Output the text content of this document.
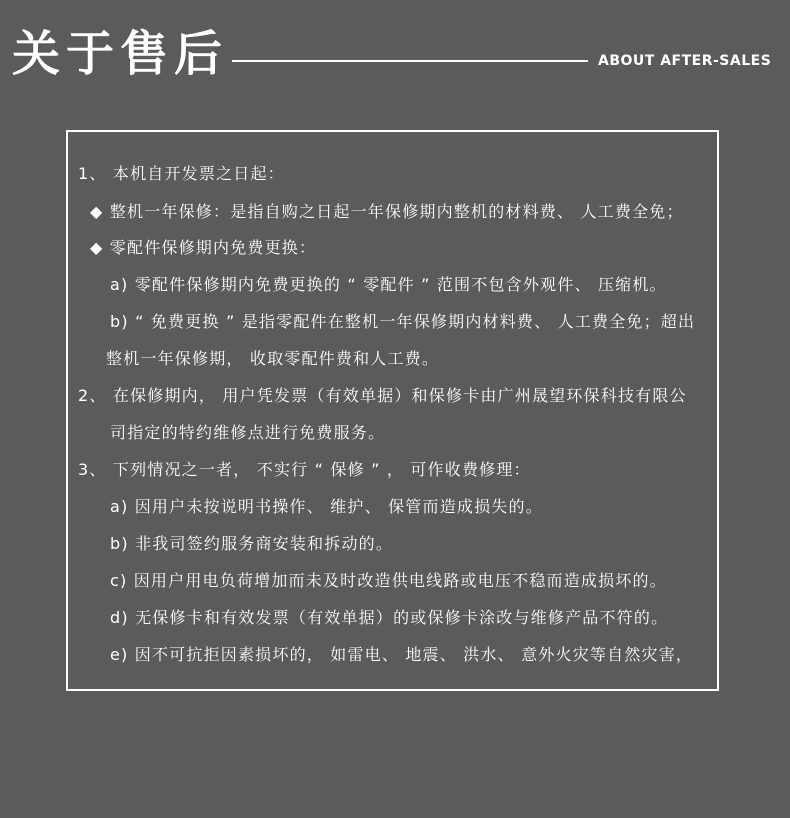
关于售后	ABOUT AFTER-SALES
1、 本机自开发票之日起：
◆ 整机一年保修：是指自购之日起一年保修期内整机的材料费、 人工费全免；
◆ 零配件保修期内免费更换：
a) 零配件保修期内免费更换的 “ 零配件 ” 范围不包含外观件、 压缩机。
b) “ 免费更换 ” 是指零配件在整机一年保修期内材料费、 人工费全免；超出
整机一年保修期， 收取零配件费和人工费。
2、 在保修期内， 用户凭发票（有效单据）和保修卡由广州晟望环保科技有限公
司指定的特约维修点进行免费服务。
3、 下列情况之一者， 不实行 “ 保修 ” ， 可作收费修理：
a) 因用户未按说明书操作、 维护、 保管而造成损失的。
b) 非我司签约服务商安装和拆动的。
c) 因用户用电负荷增加而未及时改造供电线路或电压不稳而造成损坏的。
d) 无保修卡和有效发票（有效单据）的或保修卡涂改与维修产品不符的。
e) 因不可抗拒因素损坏的， 如雷电、 地震、 洪水、 意外火灾等自然灾害，
